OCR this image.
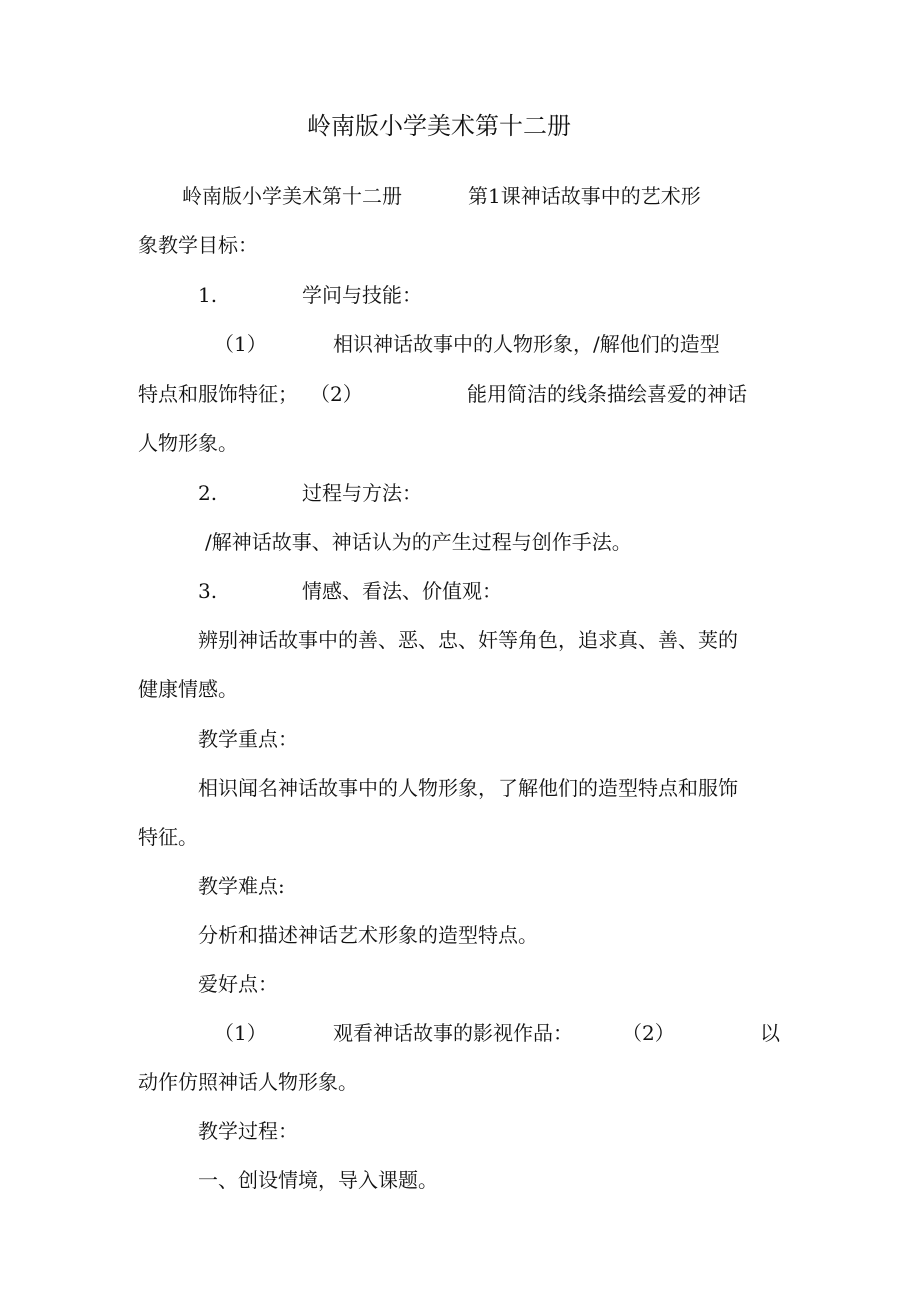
岭南版小学美术第十二册

岭南版小学美术第十二册	第1课神话故事中的艺术形

象教学目标：

1.	学问与技能：

（1）	相识神话故事中的人物形象，/解他们的造型

特点和服饰特征； （2）	能用简洁的线条描绘喜爱的神话

人物形象。

2.	过程与方法：

/解神话故事、神话认为的产生过程与创作手法。

3.	情感、看法、价值观：

辨别神话故事中的善、恶、忠、奸等角色，追求真、善、荚的

健康情感。

教学重点：

相识闻名神话故事中的人物形象，了解他们的造型特点和服饰

特征。

教学难点:

分析和描述神话艺术形象的造型特点。

爱好点：

（1）	观看神话故事的影视作品： （2）	以

动作仿照神话人物形象。

教学过程：

一、创设情境，导入课题。
